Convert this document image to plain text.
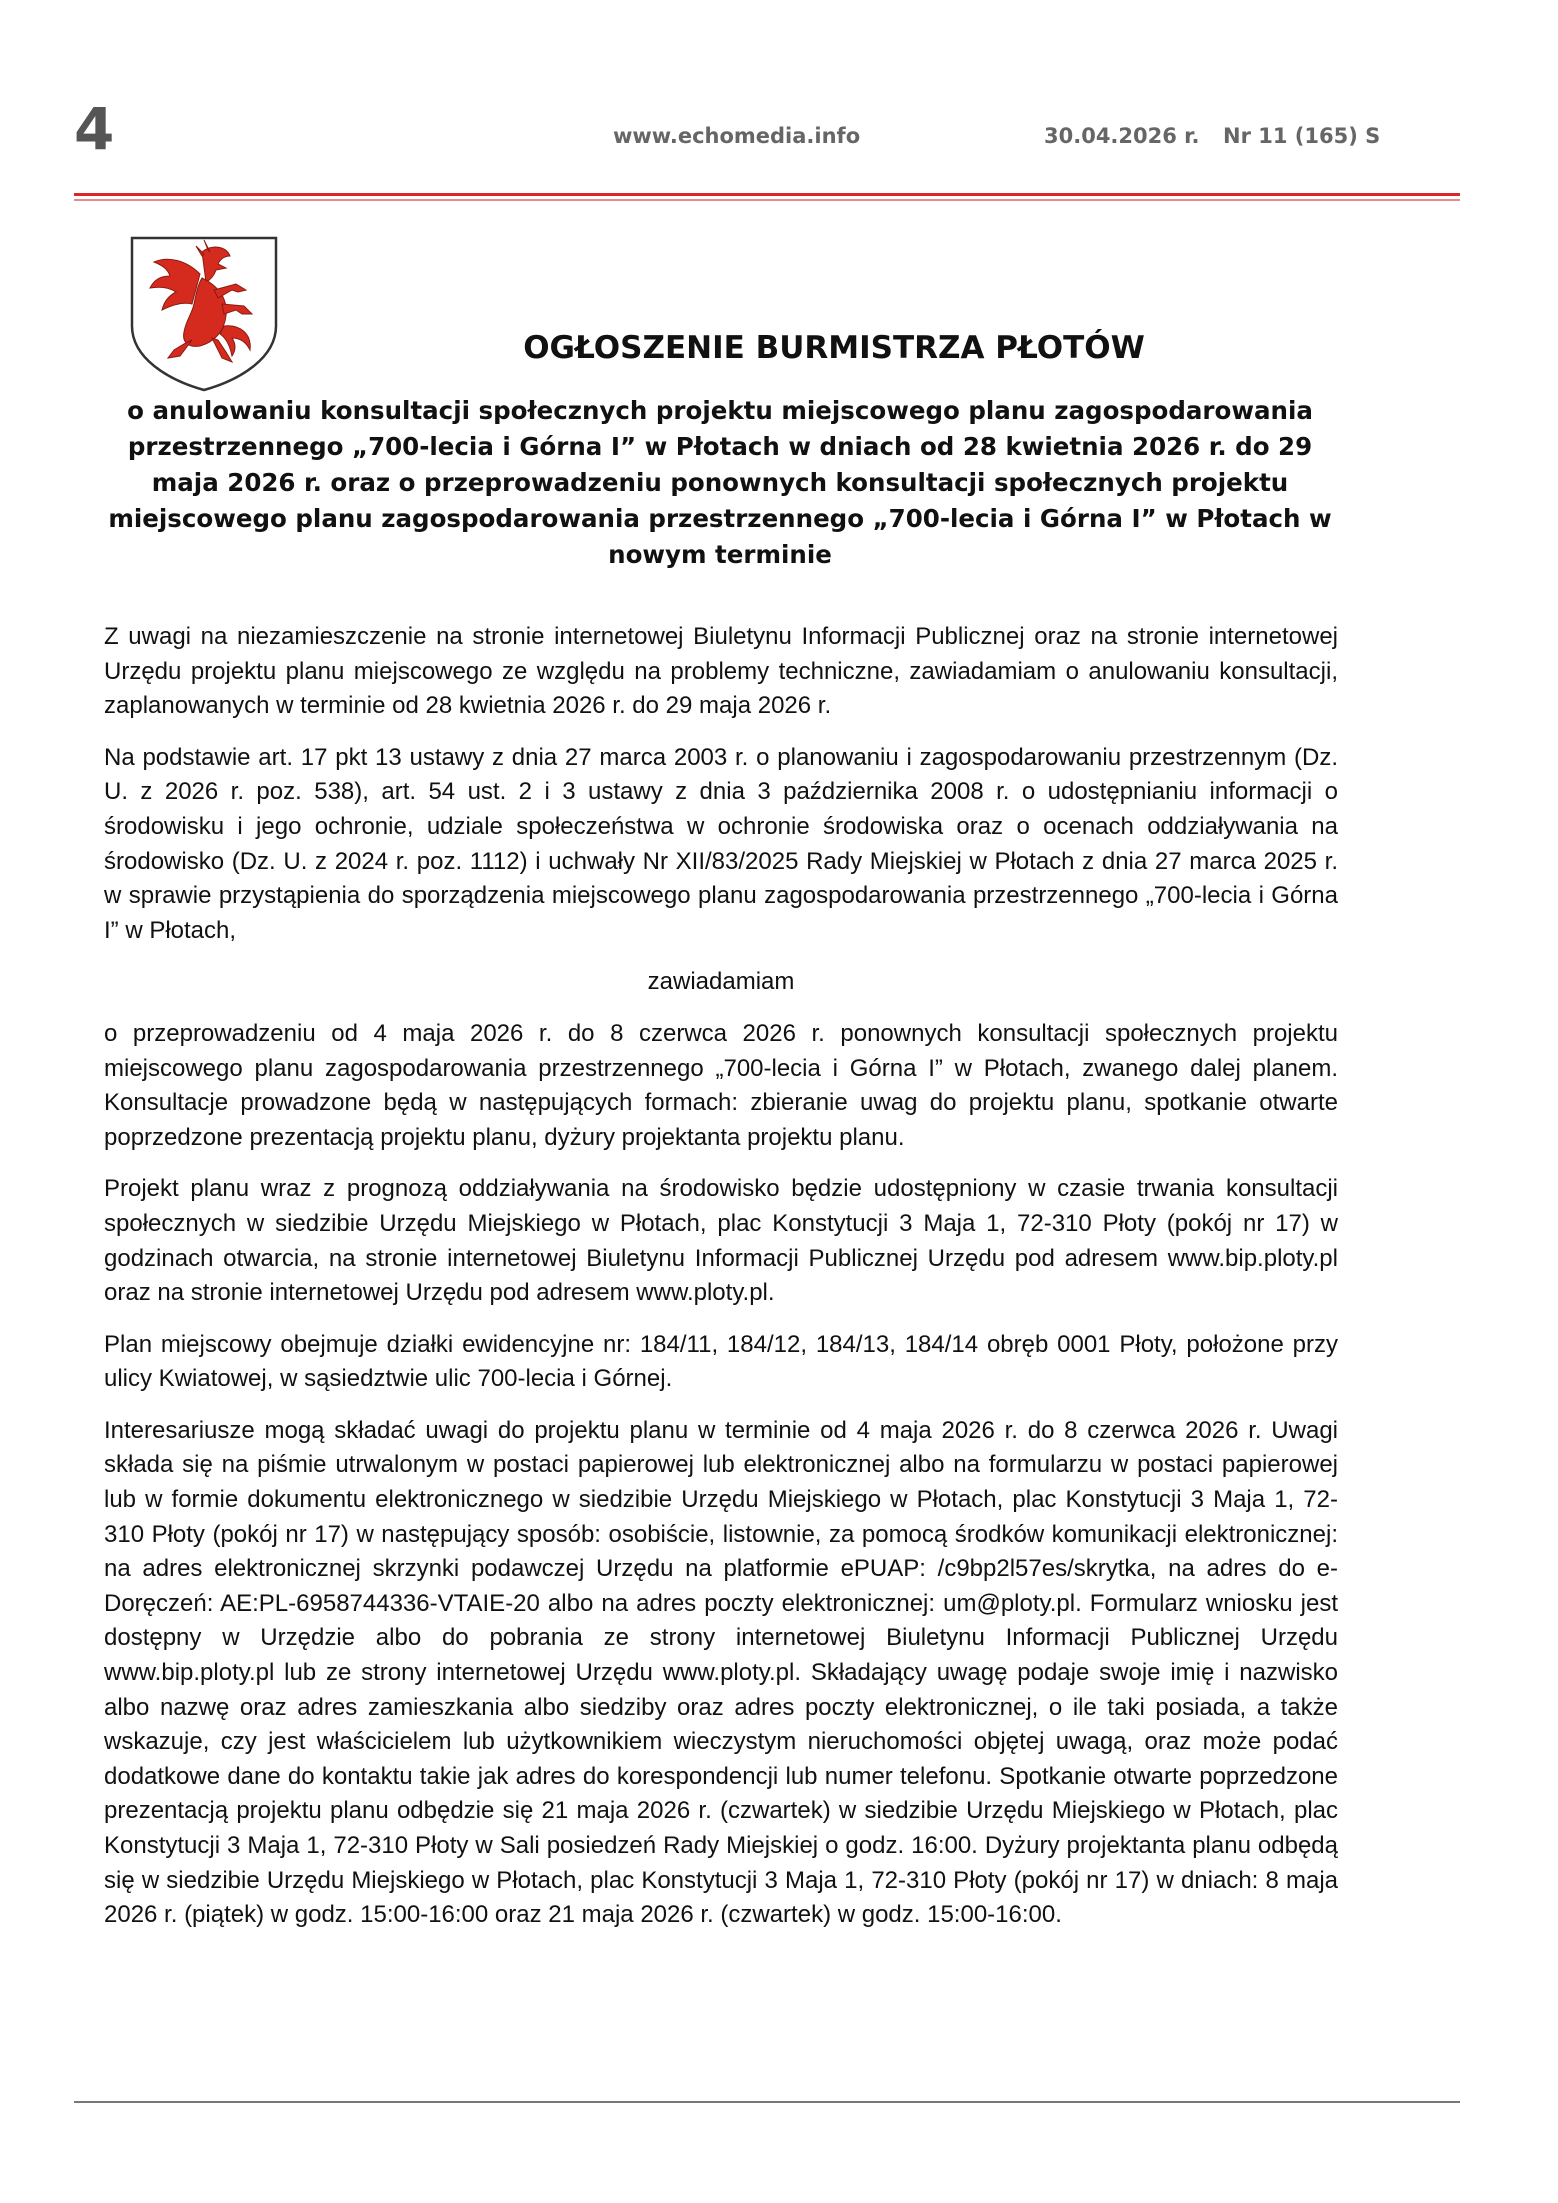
4	www.echomedia.info	30.04.2026 r. Nr 11 (165) S
OGŁOSZENIE BURMISTRZA PŁOTÓW
o anulowaniu konsultacji społecznych projektu miejscowego planu zagospodarowania przestrzennego „700-lecia i Górna I” w Płotach w dniach od 28 kwietnia 2026 r. do 29 maja 2026 r. oraz o przeprowadzeniu ponownych konsultacji społecznych projektu miejscowego planu zagospodarowania przestrzennego „700-lecia i Górna I” w Płotach w nowym terminie

Z uwagi na niezamieszczenie na stronie internetowej Biuletynu Informacji Publicznej oraz na stronie internetowej Urzędu projektu planu miejscowego ze względu na problemy techniczne, zawiadamiam o anulowaniu konsultacji, zaplanowanych w terminie od 28 kwietnia 2026 r. do 29 maja 2026 r.

Na podstawie art. 17 pkt 13 ustawy z dnia 27 marca 2003 r. o planowaniu i zagospodarowaniu przestrzennym (Dz. U. z 2026 r. poz. 538), art. 54 ust. 2 i 3 ustawy z dnia 3 października 2008 r. o udostępnianiu informacji o środowisku i jego ochronie, udziale społeczeństwa w ochronie środowiska oraz o ocenach oddziaływania na środowisko (Dz. U. z 2024 r. poz. 1112) i uchwały Nr XII/83/2025 Rady Miejskiej w Płotach z dnia 27 marca 2025 r. w sprawie przystąpienia do sporządzenia miejscowego planu zagospodarowania przestrzennego „700-lecia i Górna I” w Płotach,

zawiadamiam

o przeprowadzeniu od 4 maja 2026 r. do 8 czerwca 2026 r. ponownych konsultacji społecznych projektu miejscowego planu zagospodarowania przestrzennego „700-lecia i Górna I” w Płotach, zwanego dalej planem. Konsultacje prowadzone będą w następujących formach: zbieranie uwag do projektu planu, spotkanie otwarte poprzedzone prezentacją projektu planu, dyżury projektanta projektu planu.

Projekt planu wraz z prognozą oddziaływania na środowisko będzie udostępniony w czasie trwania konsultacji społecznych w siedzibie Urzędu Miejskiego w Płotach, plac Konstytucji 3 Maja 1, 72-310 Płoty (pokój nr 17) w godzinach otwarcia, na stronie internetowej Biuletynu Informacji Publicznej Urzędu pod adresem www.bip.ploty.pl oraz na stronie internetowej Urzędu pod adresem www.ploty.pl.

Plan miejscowy obejmuje działki ewidencyjne nr: 184/11, 184/12, 184/13, 184/14 obręb 0001 Płoty, położone przy ulicy Kwiatowej, w sąsiedztwie ulic 700-lecia i Górnej.

Interesariusze mogą składać uwagi do projektu planu w terminie od 4 maja 2026 r. do 8 czerwca 2026 r. Uwagi składa się na piśmie utrwalonym w postaci papierowej lub elektronicznej albo na formularzu w postaci papierowej lub w formie dokumentu elektronicznego w siedzibie Urzędu Miejskiego w Płotach, plac Konstytucji 3 Maja 1, 72-310 Płoty (pokój nr 17) w następujący sposób: osobiście, listownie, za pomocą środków komunikacji elektronicznej: na adres elektronicznej skrzynki podawczej Urzędu na platformie ePUAP: /c9bp2l57es/skrytka, na adres do e-Doręczeń: AE:PL-6958744336-VTAIE-20 albo na adres poczty elektronicznej: um@ploty.pl. Formularz wniosku jest dostępny w Urzędzie albo do pobrania ze strony internetowej Biuletynu Informacji Publicznej Urzędu www.bip.ploty.pl lub ze strony internetowej Urzędu www.ploty.pl. Składający uwagę podaje swoje imię i nazwisko albo nazwę oraz adres zamieszkania albo siedziby oraz adres poczty elektronicznej, o ile taki posiada, a także wskazuje, czy jest właścicielem lub użytkownikiem wieczystym nieruchomości objętej uwagą, oraz może podać dodatkowe dane do kontaktu takie jak adres do korespondencji lub numer telefonu. Spotkanie otwarte poprzedzone prezentacją projektu planu odbędzie się 21 maja 2026 r. (czwartek) w siedzibie Urzędu Miejskiego w Płotach, plac Konstytucji 3 Maja 1, 72-310 Płoty w Sali posiedzeń Rady Miejskiej o godz. 16:00. Dyżury projektanta planu odbędą się w siedzibie Urzędu Miejskiego w Płotach, plac Konstytucji 3 Maja 1, 72-310 Płoty (pokój nr 17) w dniach: 8 maja 2026 r. (piątek) w godz. 15:00-16:00 oraz 21 maja 2026 r. (czwartek) w godz. 15:00-16:00.
